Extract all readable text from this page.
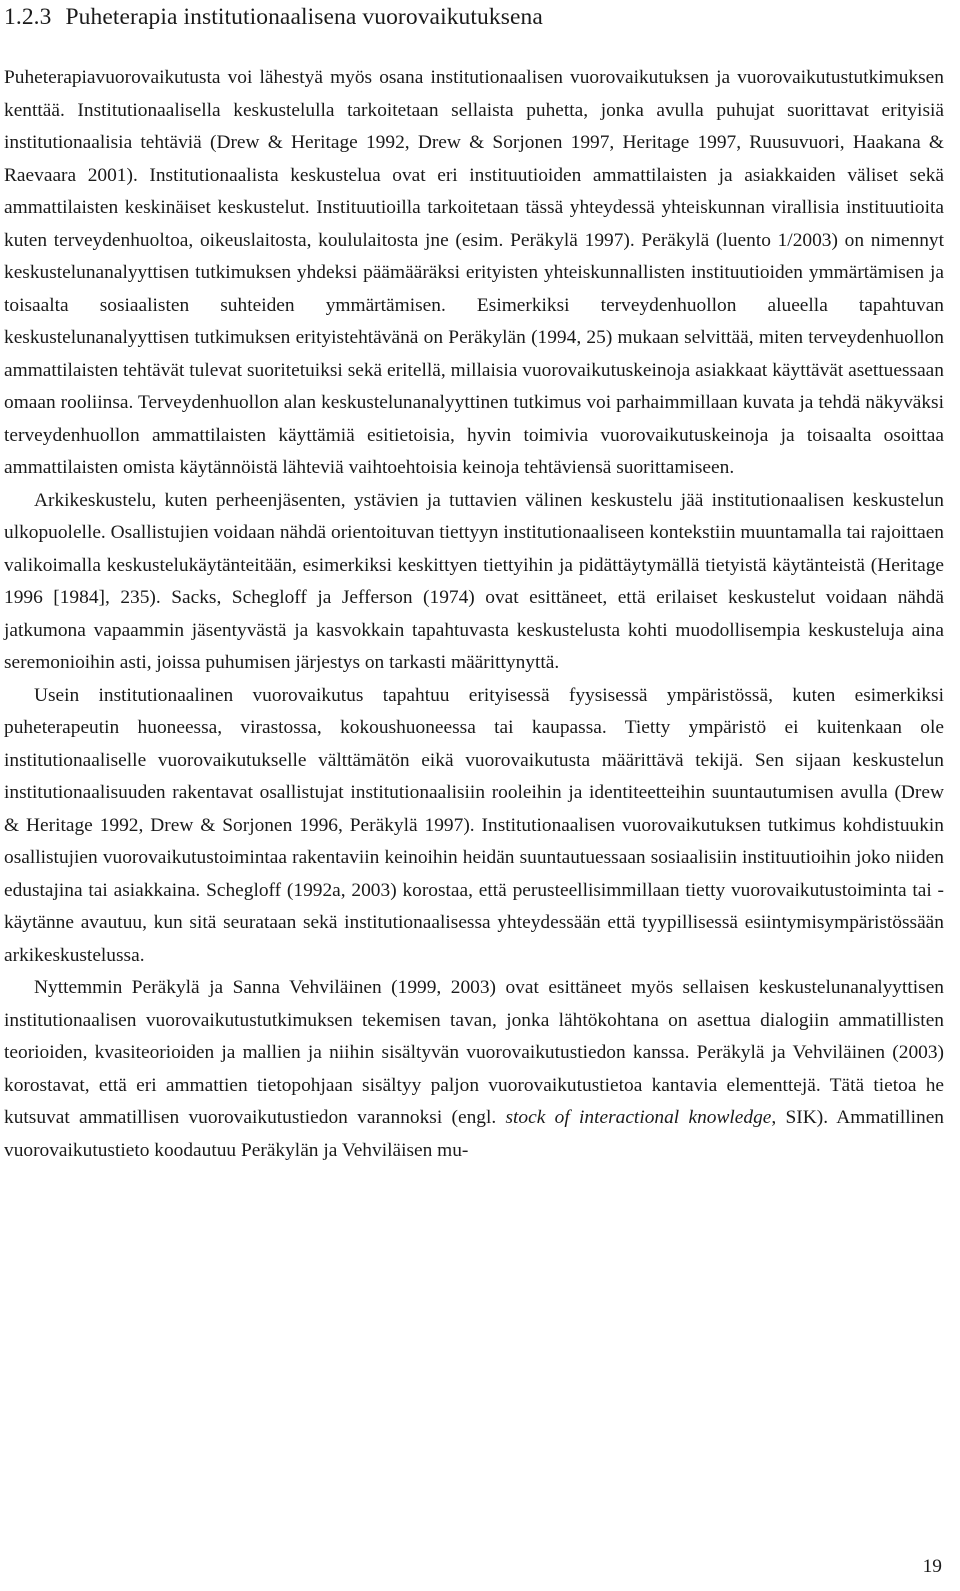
1.2.3 Puheterapia institutionaalisena vuorovaikutuksena

Puheterapiavuorovaikutusta voi lähestyä myös osana institutionaalisen vuorovaikutuksen ja vuorovaikutustutkimuksen kenttää. Institutionaalisella keskustelulla tarkoitetaan sellaista puhetta, jonka avulla puhujat suorittavat erityisiä institutionaalisia tehtäviä (Drew & Heritage 1992, Drew & Sorjonen 1997, Heritage 1997, Ruusuvuori, Haakana & Raevaara 2001). Institutionaalista keskustelua ovat eri instituutioiden ammattilaisten ja asiakkaiden väliset sekä ammattilaisten keskinäiset keskustelut. Instituutioilla tarkoitetaan tässä yhteydessä yhteiskunnan virallisia instituutioita kuten terveydenhuoltoa, oikeuslaitosta, koululaitosta jne (esim. Peräkylä 1997). Peräkylä (luento 1/2003) on nimennyt keskustelunanalyyttisen tutkimuksen yhdeksi päämääräksi erityisten yhteiskunnallisten instituutioiden ymmärtämisen ja toisaalta sosiaalisten suhteiden ymmärtämisen. Esimerkiksi terveydenhuollon alueella tapahtuvan keskustelunanalyyttisen tutkimuksen erityistehtävänä on Peräkylän (1994, 25) mukaan selvittää, miten terveydenhuollon ammattilaisten tehtävät tulevat suoritetuiksi sekä eritellä, millaisia vuorovaikutuskeinoja asiakkaat käyttävät asettuessaan omaan rooliinsa. Terveydenhuollon alan keskustelunanalyyttinen tutkimus voi parhaimmillaan kuvata ja tehdä näkyväksi terveydenhuollon ammattilaisten käyttämiä esitietoisia, hyvin toimivia vuorovaikutuskeinoja ja toisaalta osoittaa ammattilaisten omista käytännöistä lähteviä vaihtoehtoisia keinoja tehtäviensä suorittamiseen.

Arkikeskustelu, kuten perheenjäsenten, ystävien ja tuttavien välinen keskustelu jää institutionaalisen keskustelun ulkopuolelle. Osallistujien voidaan nähdä orientoituvan tiettyyn institutionaaliseen kontekstiin muuntamalla tai rajoittaen valikoimalla keskustelukäytänteitään, esimerkiksi keskittyen tiettyihin ja pidättäytymällä tietyistä käytänteistä (Heritage 1996 [1984], 235). Sacks, Schegloff ja Jefferson (1974) ovat esittäneet, että erilaiset keskustelut voidaan nähdä jatkumona vapaammin jäsentyvästä ja kasvokkain tapahtuvasta keskustelusta kohti muodollisempia keskusteluja aina seremonioihin asti, joissa puhumisen järjestys on tarkasti määrittynyttä.

Usein institutionaalinen vuorovaikutus tapahtuu erityisessä fyysisessä ympäristössä, kuten esimerkiksi puheterapeutin huoneessa, virastossa, kokoushuoneessa tai kaupassa. Tietty ympäristö ei kuitenkaan ole institutionaaliselle vuorovaikutukselle välttämätön eikä vuorovaikutusta määrittävä tekijä. Sen sijaan keskustelun institutionaalisuuden rakentavat osallistujat institutionaalisiin rooleihin ja identiteetteihin suuntautumisen avulla (Drew & Heritage 1992, Drew & Sorjonen 1996, Peräkylä 1997). Institutionaalisen vuorovaikutuksen tutkimus kohdistuukin osallistujien vuorovaikutustoimintaa rakentaviin keinoihin heidän suuntautuessaan sosiaalisiin instituutioihin joko niiden edustajina tai asiakkaina. Schegloff (1992a, 2003) korostaa, että perusteellisimmillaan tietty vuorovaikutustoiminta tai -käytänne avautuu, kun sitä seurataan sekä institutionaalisessa yhteydessään että tyypillisessä esiintymisympäristössään arkikeskustelussa.

Nyttemmin Peräkylä ja Sanna Vehviläinen (1999, 2003) ovat esittäneet myös sellaisen keskustelunanalyyttisen institutionaalisen vuorovaikutustutkimuksen tekemisen tavan, jonka lähtökohtana on asettua dialogiin ammatillisten teorioiden, kvasiteorioiden ja mallien ja niihin sisältyvän vuorovaikutustiedon kanssa. Peräkylä ja Vehviläinen (2003) korostavat, että eri ammattien tietopohjaan sisältyy paljon vuorovaikutustietoa kantavia elementtejä. Tätä tietoa he kutsuvat ammatillisen vuorovaikutustiedon varannoksi (engl. stock of interactional knowledge, SIK). Ammatillinen vuorovaikutustieto koodautuu Peräkylän ja Vehviläisen mu-

19
